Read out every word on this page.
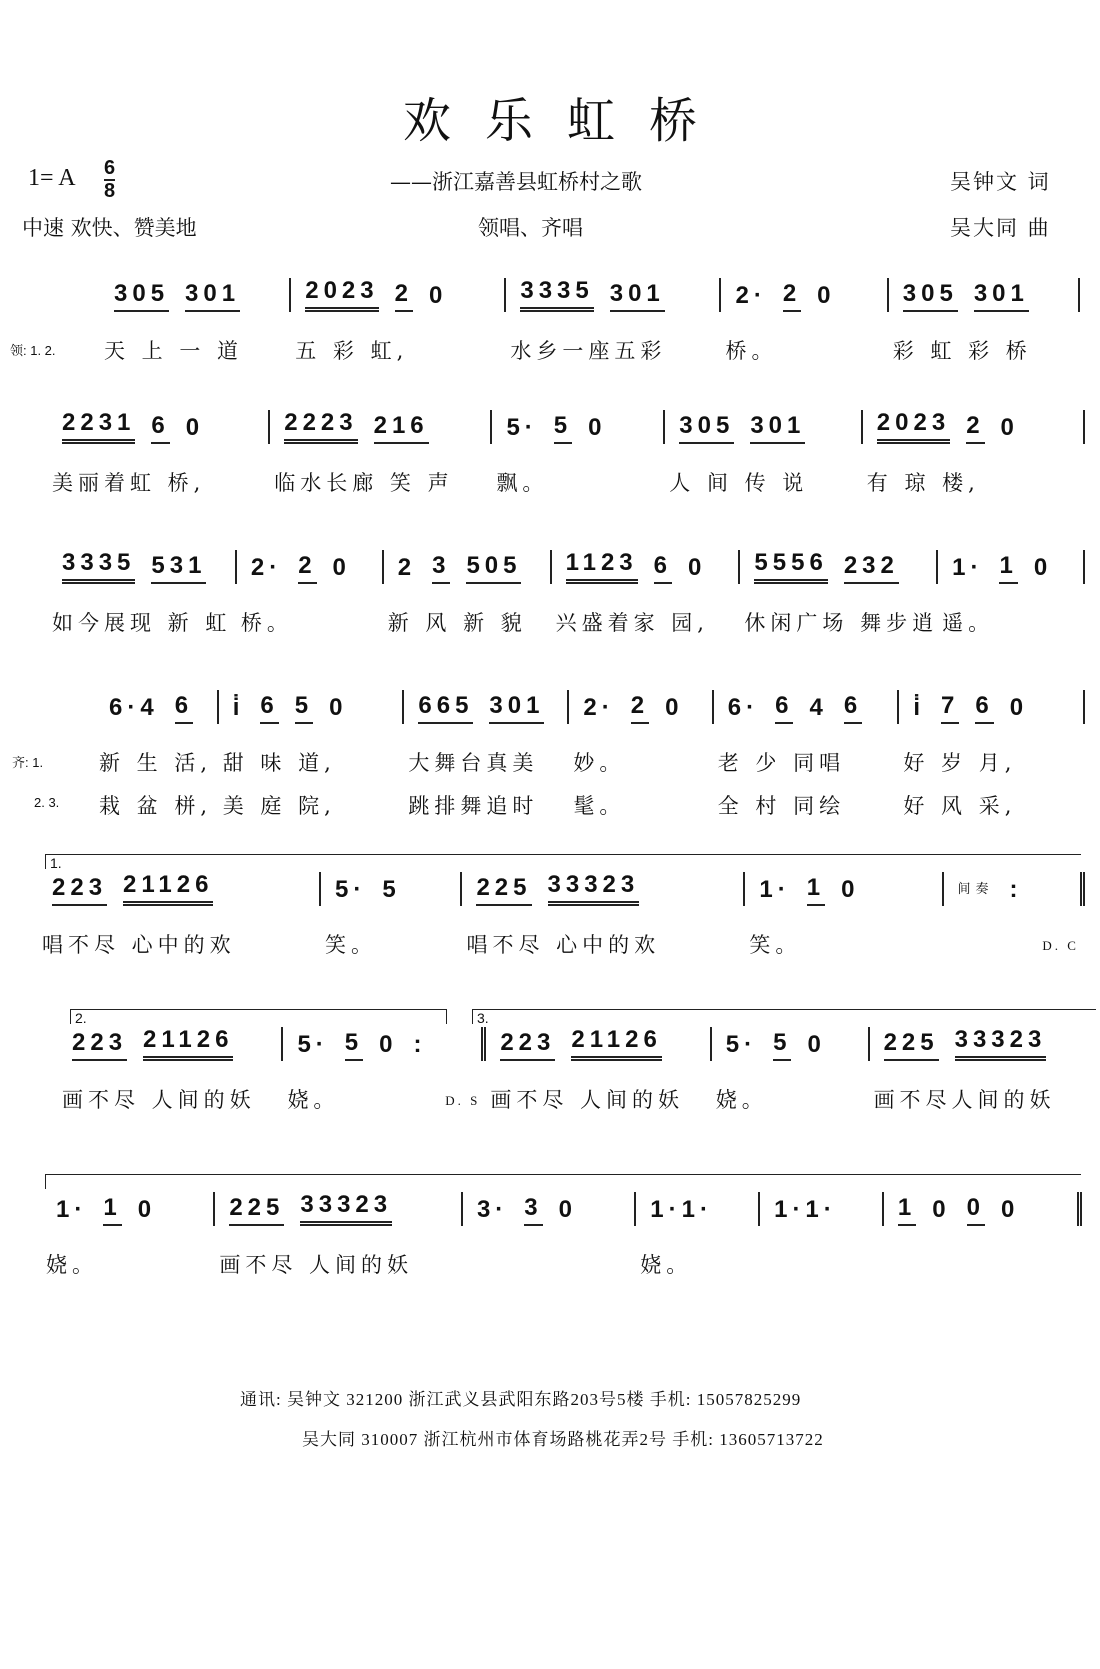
欢乐虹桥
1= A 6
8	——浙江嘉善县虹桥村之歌	吴钟文 词
中速 欢快、赞美地	领唱、齐唱	吴大同 曲
305 301
天 上 一 道
2023 2 0
五 彩 虹,
3335 301
水乡一座五彩
2· 2 0
桥。
305 301
彩 虹 彩 桥
领: 1. 2.
2231 6 0
美丽着虹 桥,
2223 216
临水长廊 笑 声
5· 5 0
飘。
305 301
人 间 传 说
2023 2 0
有 琼 楼,
3335 531
如今展现 新 虹
2· 2 0
桥。
2 3 505
新 风 新 貌
1123 6 0
兴盛着家 园,
5556 232
休闲广场 舞步逍
1· 1 0
遥。
6·4 6
新 生 活,
栽 盆 栟,
i̇ 6 5 0
甜 味 道,
美 庭 院,
665 301
大舞台真美
跳排舞追时
2· 2 0
妙。
髦。
6· 6 4 6
老 少 同唱
全 村 同绘
i̇ 7 6 0
好 岁 月,
好 风 采,
齐: 1.
2. 3.
223 21126
唱不尽 心中的欢
5· 5
笑。
225 33323
唱不尽 心中的欢
1· 1 0
笑。
间奏 :
D. C
1.
223 21126
画不尽 人间的妖
5· 5 0 :
娆。	D. S
223 21126
画不尽 人间的妖
5· 5 0
娆。
225 33323
画不尽人间的妖
2.	3.
1· 1 0
娆。
225 33323
画不尽 人间的妖
3· 3 0	1·1·
娆。
1·1·	1 0 0 0
通讯: 吴钟文 321200 浙江武义县武阳东路203号5楼 手机: 15057825299
吴大同 310007 浙江杭州市体育场路桃花弄2号 手机: 13605713722
